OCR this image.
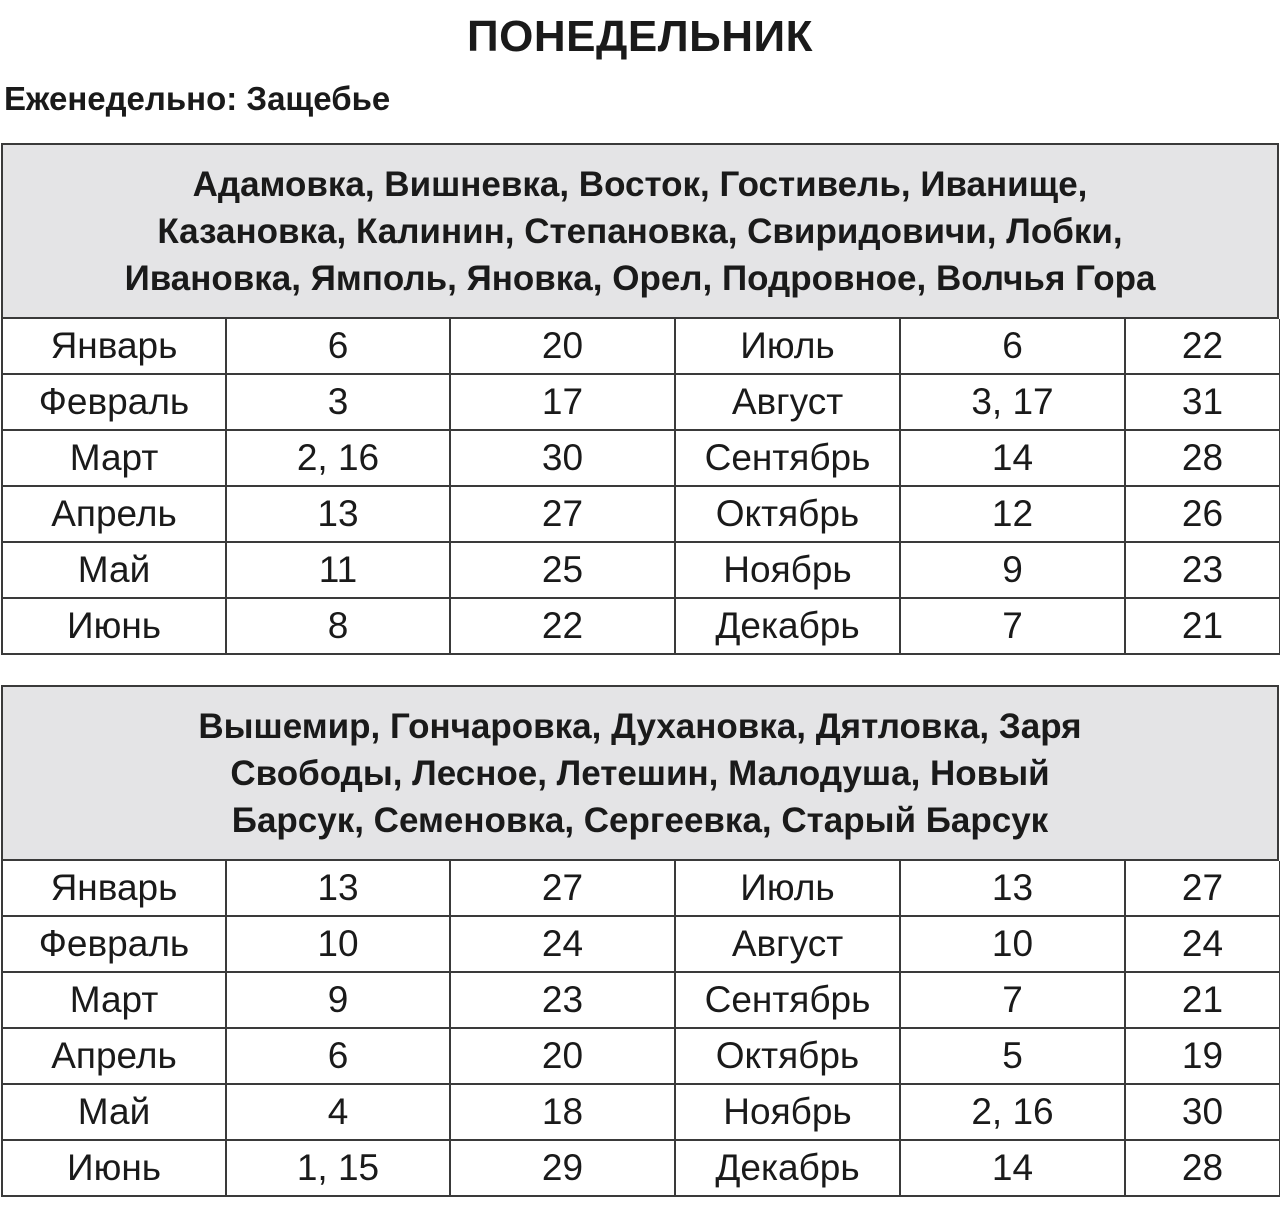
ПОНЕДЕЛЬНИК
Еженедельно: Защебье
Адамовка, Вишневка, Восток, Гостивель, Иванище,
Казановка, Калинин, Степановка, Свиридовичи, Лобки,
Ивановка, Ямполь, Яновка, Орел, Подровное, Волчья Гора
Январь	6	20	Июль	6	22
Февраль	3	17	Август	3, 17	31
Март	2, 16	30	Сентябрь	14	28
Апрель	13	27	Октябрь	12	26
Май	11	25	Ноябрь	9	23
Июнь	8	22	Декабрь	7	21
Вышемир, Гончаровка, Духановка, Дятловка, Заря
Свободы, Лесное, Летешин, Малодуша, Новый
Барсук, Семеновка, Сергеевка, Старый Барсук
Январь	13	27	Июль	13	27
Февраль	10	24	Август	10	24
Март	9	23	Сентябрь	7	21
Апрель	6	20	Октябрь	5	19
Май	4	18	Ноябрь	2, 16	30
Июнь	1, 15	29	Декабрь	14	28
